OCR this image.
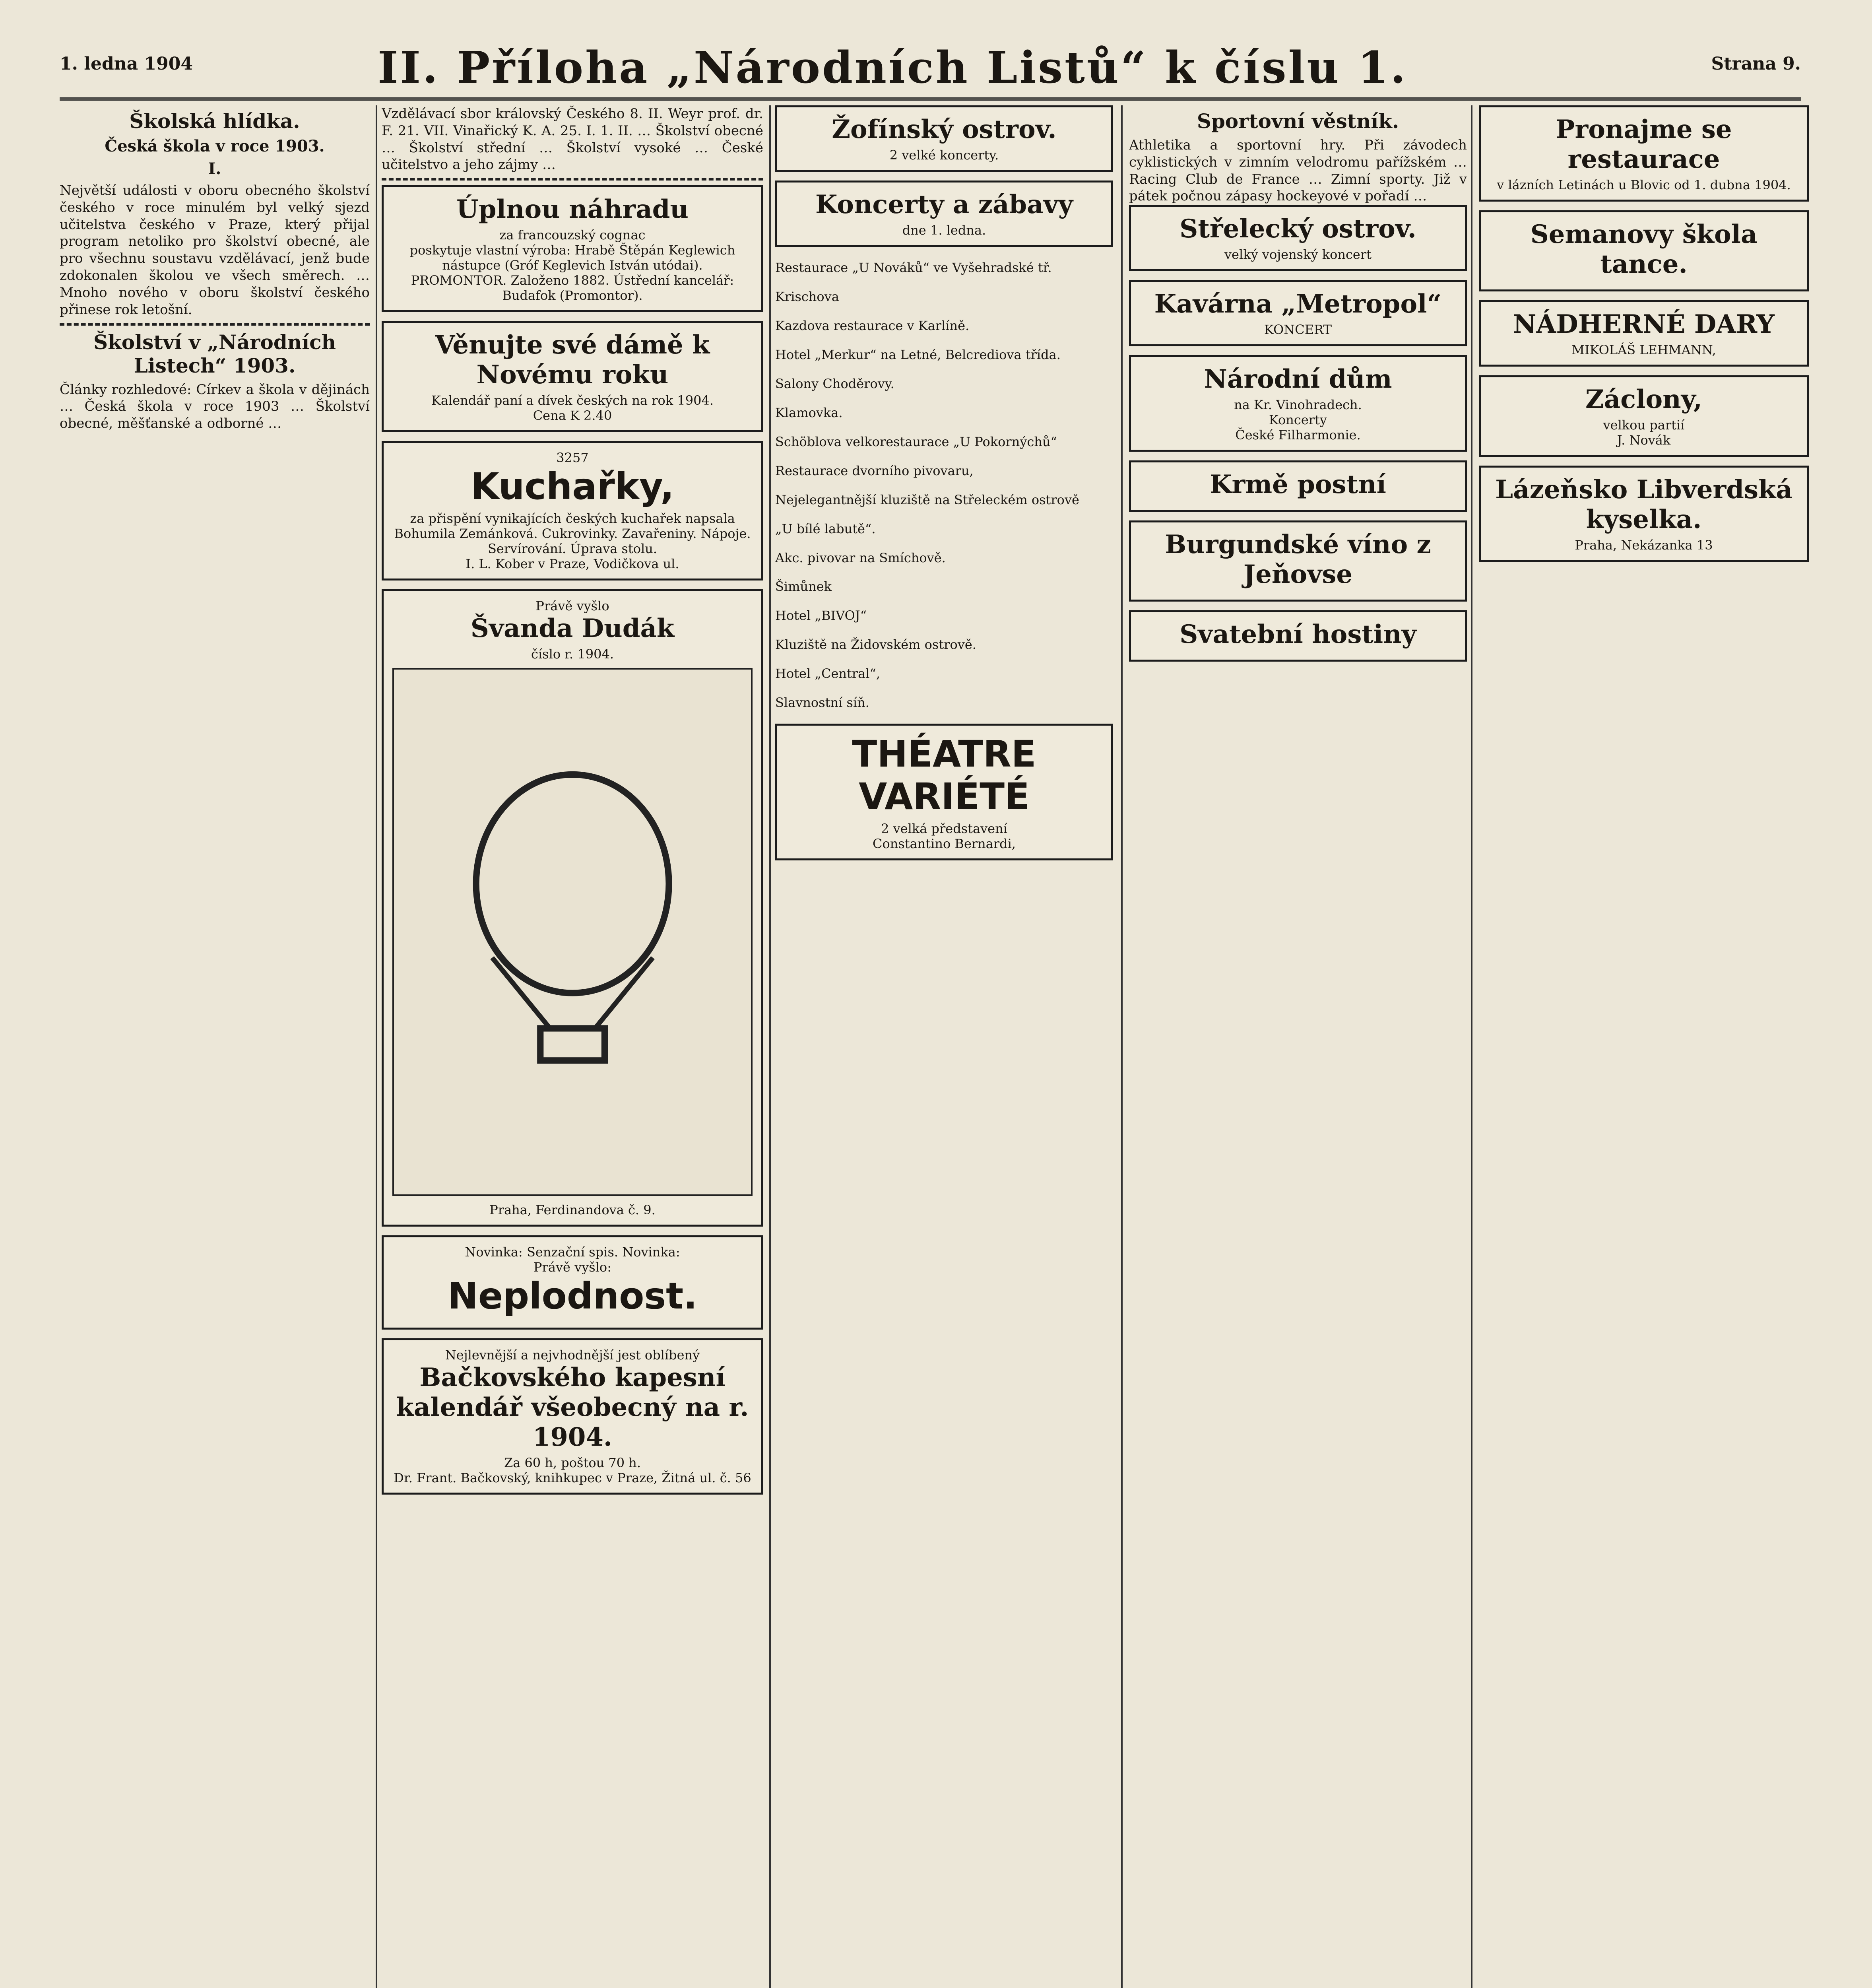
1. ledna 1904	II. Příloha „Národních Listů“ k číslu 1.	Strana 9.
Školská hlídka.
Česká škola v roce 1903.
I.
Největší události v oboru obecného školství českého v roce minulém byl velký sjezd učitelstva českého v Praze, který přijal program netoliko pro školství obecné, ale pro všechnu soustavu vzdělávací, jenž bude zdokonalen školou ve všech směrech. … Mnoho nového v oboru školství českého přinese rok letošní.
Školství v „Národních Listech“ 1903.
Články rozhledové: Církev a škola v dějinách … Česká škola v roce 1903 … Školství obecné, měšťanské a odborné …
Vzdělávací sbor královský Českého 8. II. Weyr prof. dr. F. 21. VII. Vinařický K. A. 25. I. 1. II. … Školství obecné … Školství střední … Školství vysoké … České učitelstvo a jeho zájmy …
Úplnou náhradu

za francouzský cognac

poskytuje vlastní výroba: Hrabě Štěpán Keglewich nástupce (Gróf Keglevich István utódai). PROMONTOR. Založeno 1882. Ústřední kancelář: Budafok (Promontor).

Věnujte své dámě k Novému roku

Kalendář paní a dívek českých na rok 1904.

Cena K 2.40

3257

Kuchařky,

za přispění vynikajících českých kuchařek napsala Bohumila Zemánková. Cukrovinky. Zavařeniny. Nápoje. Servírování. Úprava stolu.

I. L. Kober v Praze, Vodičkova ul.

Právě vyšlo

Švanda Dudák

číslo r. 1904.

Praha, Ferdinandova č. 9.

Novinka: Senzační spis. Novinka:

Právě vyšlo:

Neplodnost.

Nejlevnější a nejvhodnější jest oblíbený

Bačkovského kapesní kalendář všeobecný na r. 1904.

Za 60 h, poštou 70 h.

Dr. Frant. Bačkovský, knihkupec v Praze, Žitná ul. č. 56

Žofínský ostrov.

2 velké koncerty.

Koncerty a zábavy

dne 1. ledna.

Restaurace „U Nováků“ ve Vyšehradské tř.

Krischova

Kazdova restaurace v Karlíně.

Hotel „Merkur“ na Letné, Belcrediova třída.

Salony Choděrovy.

Klamovka.

Schöblova velkorestaurace „U Pokornýchů“

Restaurace dvorního pivovaru,

Nejelegantnější kluziště na Střeleckém ostrově

„U bílé labutě“.

Akc. pivovar na Smíchově.

Šimůnek

Hotel „BIVOJ“

Kluziště na Židovském ostrově.

Hotel „Central“,

Slavnostní síň.

THÉATRE VARIÉTÉ

2 velká představení

Constantino Bernardi,

Sportovní věstník.
Athletika a sportovní hry. Při závodech cyklistických v zimním velodromu pařížském … Racing Club de France … Zimní sporty. Již v pátek počnou zápasy hockeyové v pořadí …
Střelecký ostrov.

velký vojenský koncert

Kavárna „Metropol“

KONCERT

Národní dům

na Kr. Vinohradech.

Koncerty

České Filharmonie.

Krmě postní
Burgundské víno z Jeňovse
Svatební hostiny
Pronajme se restaurace

v lázních Letinách u Blovic od 1. dubna 1904.

Semanovy škola tance.
NÁDHERNÉ DARY

MIKOLÁŠ LEHMANN,

Záclony,

velkou partií

J. Novák

Lázeňsko Libverdská kyselka.

Praha, Nekázanka 13
